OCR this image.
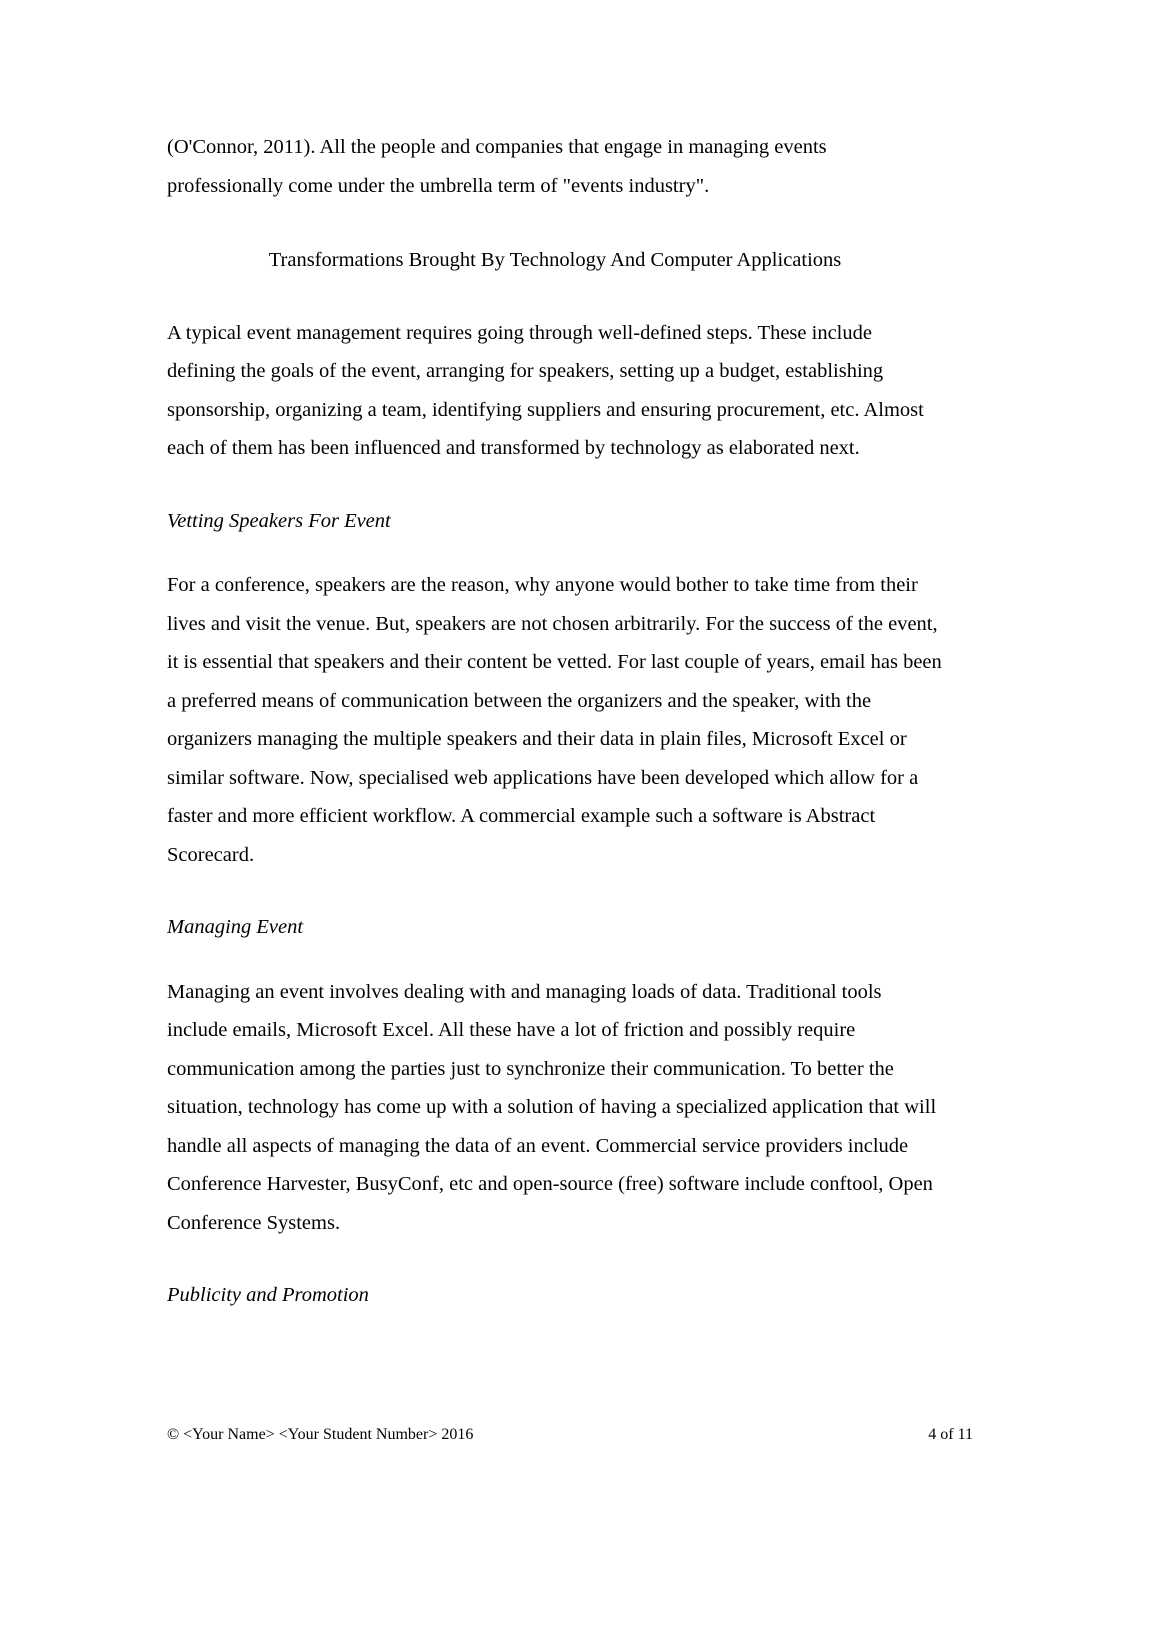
(O'Connor, 2011). All the people and companies that engage in managing events professionally come under the umbrella term of "events industry".

Transformations Brought By Technology And Computer Applications

A typical event management requires going through well-defined steps. These include defining the goals of the event, arranging for speakers, setting up a budget, establishing sponsorship, organizing a team, identifying suppliers and ensuring procurement, etc. Almost each of them has been influenced and transformed by technology as elaborated next.

Vetting Speakers For Event

For a conference, speakers are the reason, why anyone would bother to take time from their lives and visit the venue. But, speakers are not chosen arbitrarily. For the success of the event, it is essential that speakers and their content be vetted. For last couple of years, email has been a preferred means of communication between the organizers and the speaker, with the organizers managing the multiple speakers and their data in plain files, Microsoft Excel or similar software. Now, specialised web applications have been developed which allow for a faster and more efficient workflow. A commercial example such a software is Abstract Scorecard.

Managing Event

Managing an event involves dealing with and managing loads of data. Traditional tools include emails, Microsoft Excel. All these have a lot of friction and possibly require communication among the parties just to synchronize their communication. To better the situation, technology has come up with a solution of having a specialized application that will handle all aspects of managing the data of an event. Commercial service providers include Conference Harvester, BusyConf, etc and open-source (free) software include conftool, Open Conference Systems.

Publicity and Promotion
© <Your Name> <Your Student Number> 2016	4 of 11
